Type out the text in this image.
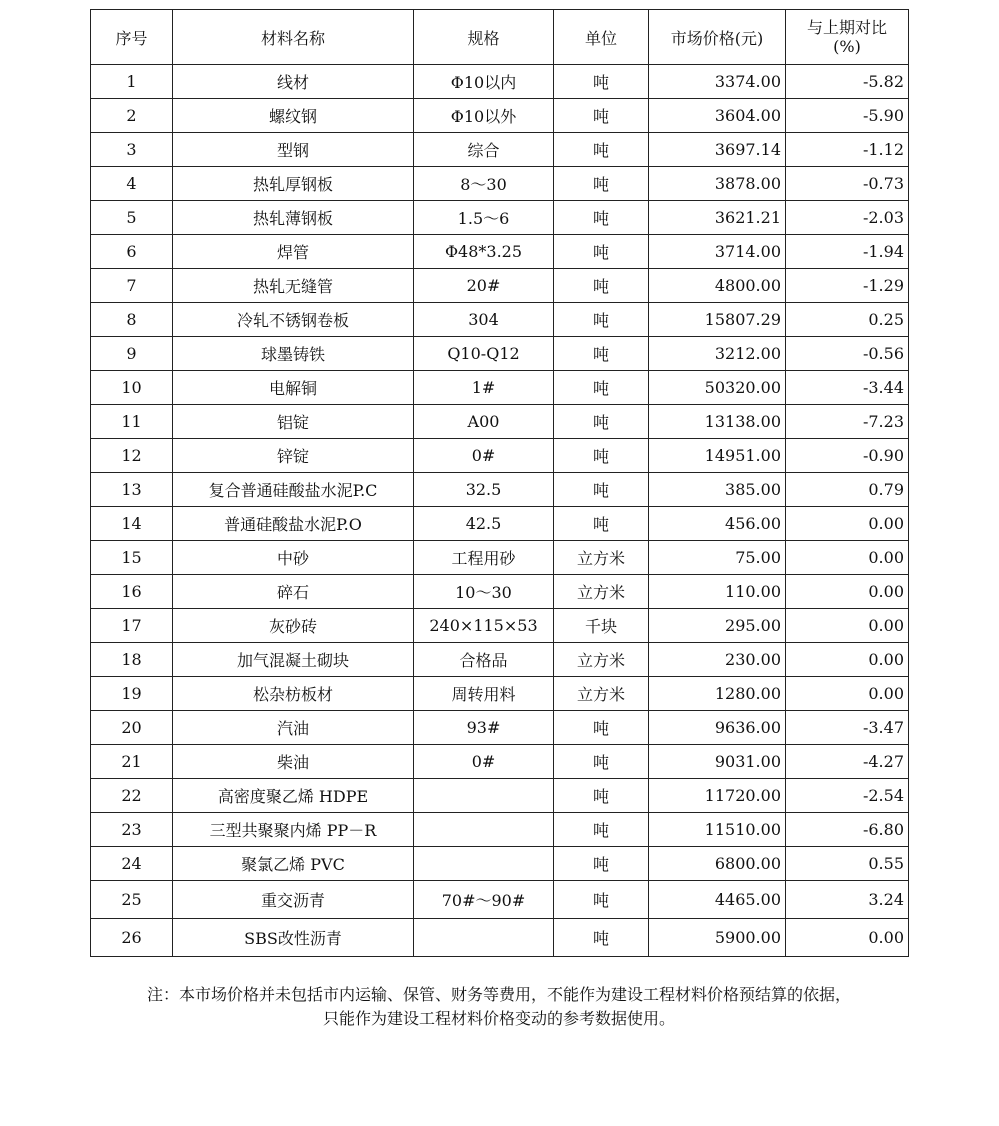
序号	材料名称	规格	单位	市场价格(元)	与上期对比
(%)

1	线材	Φ10以内	吨	3374.00	-5.82
2	螺纹钢	Φ10以外	吨	3604.00	-5.90
3	型钢	综合	吨	3697.14	-1.12
4	热轧厚钢板	8～30	吨	3878.00	-0.73
5	热轧薄钢板	1.5～6	吨	3621.21	-2.03
6	焊管	Φ48*3.25	吨	3714.00	-1.94
7	热轧无缝管	20#	吨	4800.00	-1.29
8	冷轧不锈钢卷板	304	吨	15807.29	0.25
9	球墨铸铁	Q10-Q12	吨	3212.00	-0.56
10	电解铜	1#	吨	50320.00	-3.44
11	铝锭	A00	吨	13138.00	-7.23
12	锌锭	0#	吨	14951.00	-0.90
13	复合普通硅酸盐水泥P.C	32.5	吨	385.00	0.79
14	普通硅酸盐水泥P.O	42.5	吨	456.00	0.00
15	中砂	工程用砂	立方米	75.00	0.00
16	碎石	10～30	立方米	110.00	0.00
17	灰砂砖	240×115×53	千块	295.00	0.00
18	加气混凝土砌块	合格品	立方米	230.00	0.00
19	松杂枋板材	周转用料	立方米	1280.00	0.00
20	汽油	93#	吨	9636.00	-3.47
21	柴油	0#	吨	9031.00	-4.27
22	高密度聚乙烯 HDPE		吨	11720.00	-2.54
23	三型共聚聚内烯 PP－R		吨	11510.00	-6.80
24	聚氯乙烯 PVC		吨	6800.00	0.55
25	重交沥青	70#～90#	吨	4465.00	3.24
26	SBS改性沥青		吨	5900.00	0.00
注：本市场价格并未包括市内运输、保管、财务等费用，不能作为建设工程材料价格预结算的依据，
只能作为建设工程材料价格变动的参考数据使用。
